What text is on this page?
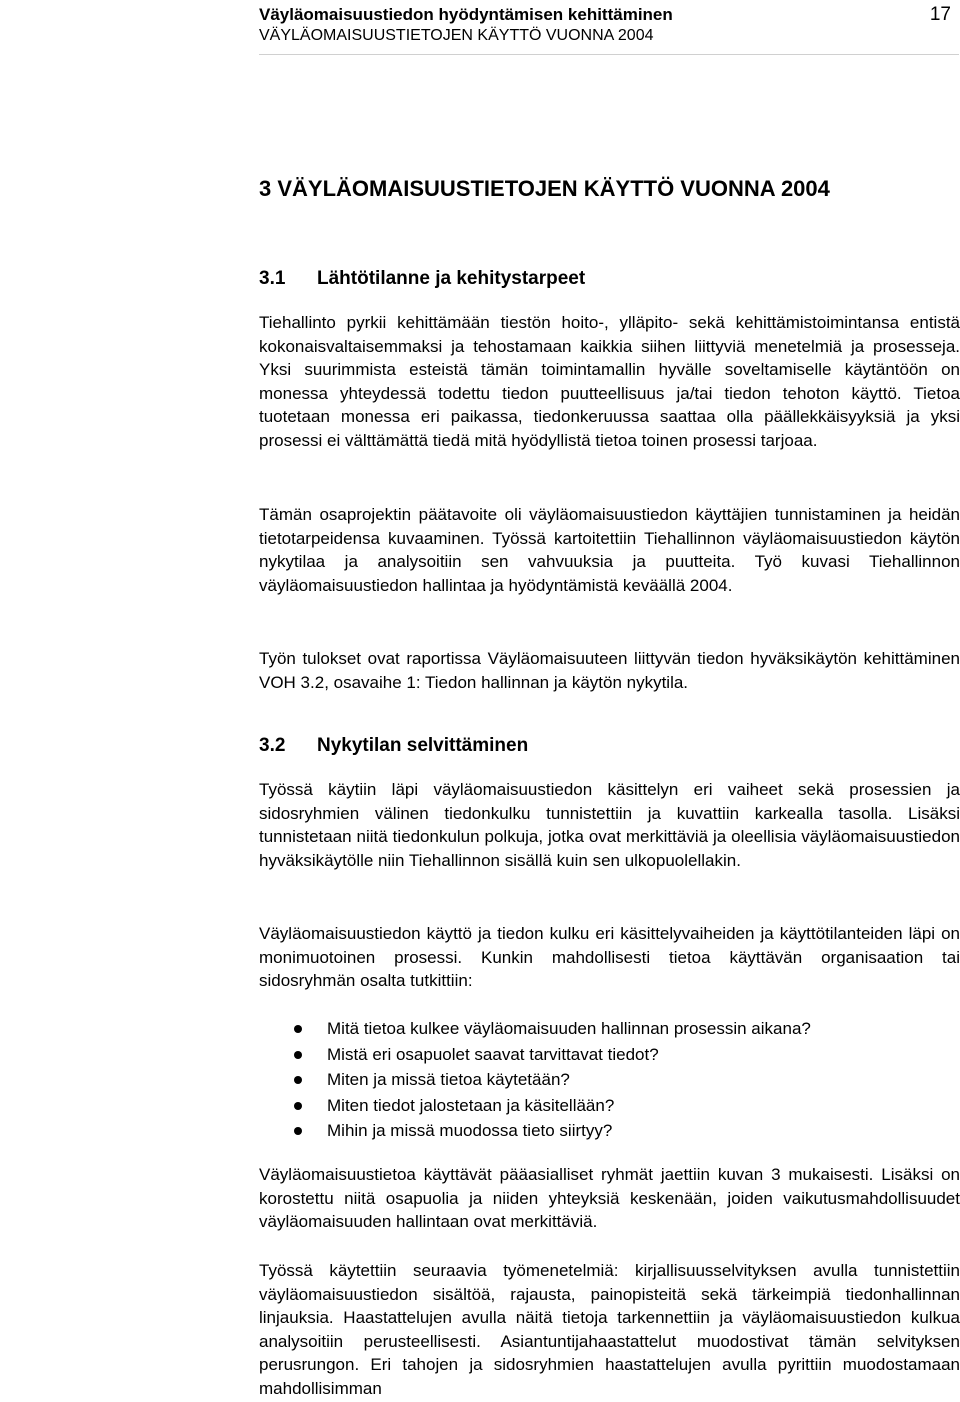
Väyläomaisuustiedon hyödyntämisen kehittäminen
VÄYLÄOMAISUUSTIETOJEN KÄYTTÖ VUONNA 2004
17
3 VÄYLÄOMAISUUSTIETOJEN KÄYTTÖ VUONNA 2004
3.1 Lähtötilanne ja kehitystarpeet

Tiehallinto pyrkii kehittämään tiestön hoito-, ylläpito- sekä kehittämistoimintansa entistä kokonaisvaltaisemmaksi ja tehostamaan kaikkia siihen liittyviä menetelmiä ja prosesseja. Yksi suurimmista esteistä tämän toimintamallin hyvälle soveltamiselle käytäntöön on monessa yhteydessä todettu tiedon puutteellisuus ja/tai tiedon tehoton käyttö. Tietoa tuotetaan monessa eri paikassa, tiedonkeruussa saattaa olla päällekkäisyyksiä ja yksi prosessi ei välttämättä tiedä mitä hyödyllistä tietoa toinen prosessi tarjoaa.

Tämän osaprojektin päätavoite oli väyläomaisuustiedon käyttäjien tunnistaminen ja heidän tietotarpeidensa kuvaaminen. Työssä kartoitettiin Tiehallinnon väyläomaisuustiedon käytön nykytilaa ja analysoitiin sen vahvuuksia ja puutteita. Työ kuvasi Tiehallinnon väyläomaisuustiedon hallintaa ja hyödyntämistä keväällä 2004.

Työn tulokset ovat raportissa Väyläomaisuuteen liittyvän tiedon hyväksikäytön kehittäminen VOH 3.2, osavaihe 1: Tiedon hallinnan ja käytön nykytila.

3.2 Nykytilan selvittäminen

Työssä käytiin läpi väyläomaisuustiedon käsittelyn eri vaiheet sekä prosessien ja sidosryhmien välinen tiedonkulku tunnistettiin ja kuvattiin karkealla tasolla. Lisäksi tunnistetaan niitä tiedonkulun polkuja, jotka ovat merkittäviä ja oleellisia väyläomaisuustiedon hyväksikäytölle niin Tiehallinnon sisällä kuin sen ulkopuolellakin.

Väyläomaisuustiedon käyttö ja tiedon kulku eri käsittelyvaiheiden ja käyttötilanteiden läpi on monimuotoinen prosessi. Kunkin mahdollisesti tietoa käyttävän organisaation tai sidosryhmän osalta tutkittiin:

Mitä tietoa kulkee väyläomaisuuden hallinnan prosessin aikana?
Mistä eri osapuolet saavat tarvittavat tiedot?
Miten ja missä tietoa käytetään?
Miten tiedot jalostetaan ja käsitellään?
Mihin ja missä muodossa tieto siirtyy?

Väyläomaisuustietoa käyttävät pääasialliset ryhmät jaettiin kuvan 3 mukaisesti. Lisäksi on korostettu niitä osapuolia ja niiden yhteyksiä keskenään, joiden vaikutusmahdollisuudet väyläomaisuuden hallintaan ovat merkittäviä.

Työssä käytettiin seuraavia työmenetelmiä: kirjallisuusselvityksen avulla tunnistettiin väyläomaisuustiedon sisältöä, rajausta, painopisteitä sekä tärkeimpiä tiedonhallinnan linjauksia. Haastattelujen avulla näitä tietoja tarkennettiin ja väyläomaisuustiedon kulkua analysoitiin perusteellisesti. Asiantuntijahaastattelut muodostivat tämän selvityksen perusrungon. Eri tahojen ja sidosryhmien haastattelujen avulla pyrittiin muodostamaan mahdollisimman
